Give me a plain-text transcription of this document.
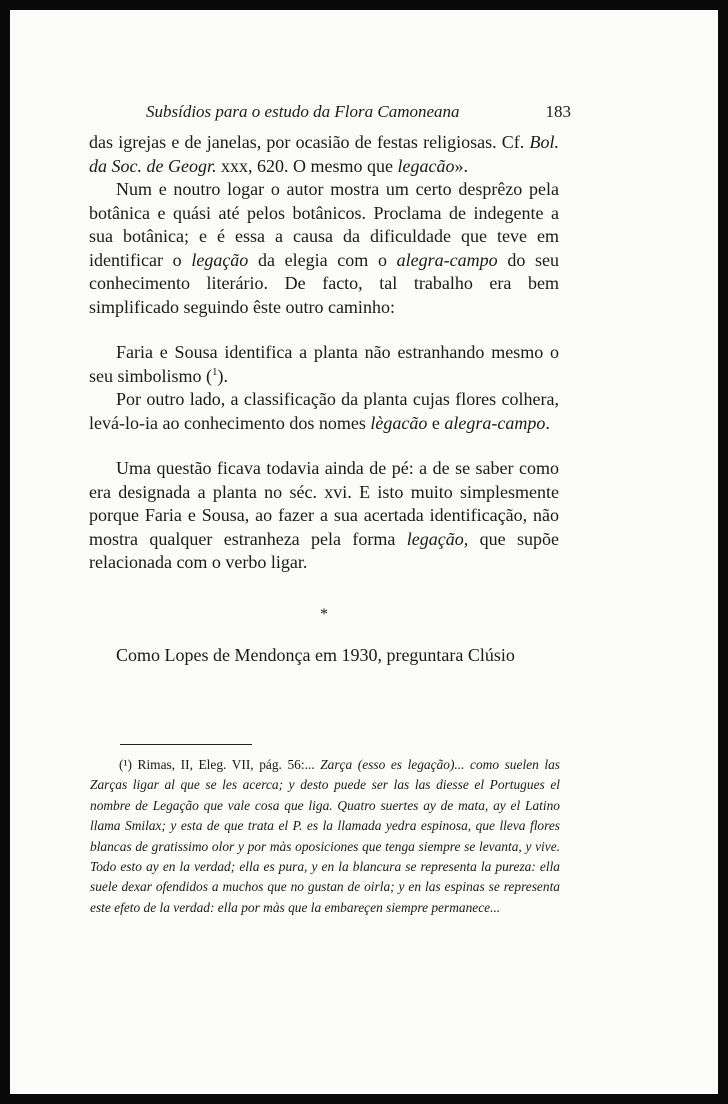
Subsídios para o estudo da Flora Camoneana	183

das igrejas e de janelas, por ocasião de festas religiosas. Cf. Bol. da Soc. de Geogr. xxx, 620. O mesmo que legacão».

Num e noutro logar o autor mostra um certo desprêzo pela botânica e quási até pelos botânicos. Proclama de indegente a sua botânica; e é essa a causa da dificuldade que teve em identificar o legação da elegia com o alegra-campo do seu conhecimento literário. De facto, tal trabalho era bem simplificado seguindo êste outro caminho:

Faria e Sousa identifica a planta não estranhando mesmo o seu simbolismo ($^1$).

Por outro lado, a classificação da planta cujas flores colhera, levá-lo-ia ao conhecimento dos nomes lègacão e alegra-campo.

Uma questão ficava todavia ainda de pé: a de se saber como era designada a planta no séc. xvi. E isto muito simplesmente porque Faria e Sousa, ao fazer a sua acertada identificação, não mostra qualquer estranheza pela forma legação, que supõe relacionada com o verbo ligar.

*

Como Lopes de Mendonça em 1930, preguntara Clúsio

(¹) Rimas, II, Eleg. VII, pág. 56:... Zarça (esso es legação)... como suelen las Zarças ligar al que se les acerca; y desto puede ser las las diesse el Portugues el nombre de Legação que vale cosa que liga. Quatro suertes ay de mata, ay el Latino llama Smilax; y esta de que trata el P. es la llamada yedra espinosa, que lleva flores blancas de gratissimo olor y por màs oposiciones que tenga siempre se levanta, y vive. Todo esto ay en la verdad; ella es pura, y en la blancura se representa la pureza: ella suele dexar ofendidos a muchos que no gustan de oirla; y en las espinas se representa este efeto de la verdad: ella por màs que la embareçen siempre permanece...
